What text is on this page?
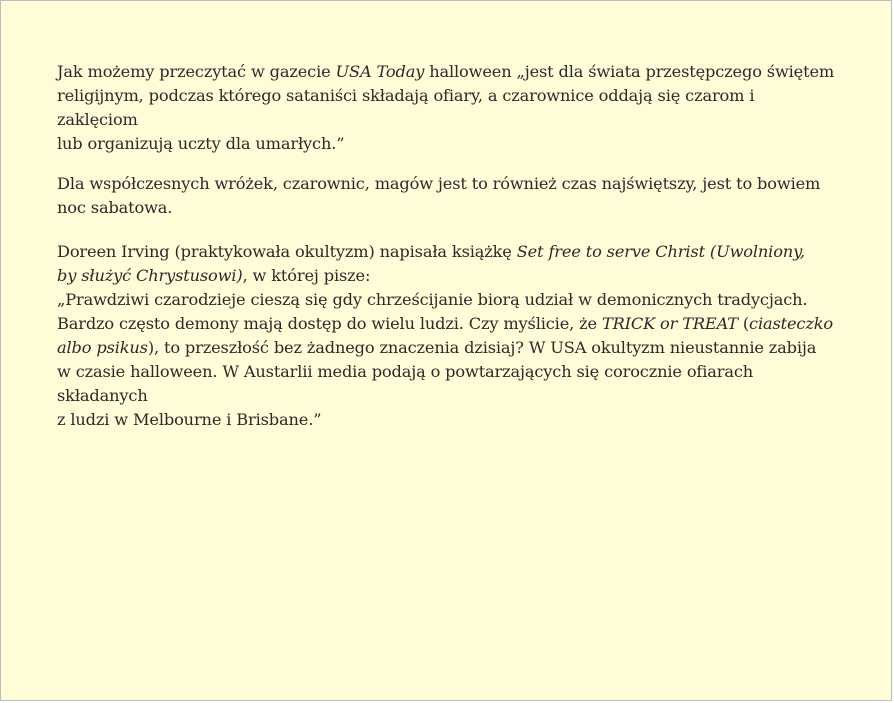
Jak możemy przeczytać w gazecie USA Today halloween „jest dla świata przestępczego świętem
religijnym, podczas którego sataniści składają ofiary, a czarownice oddają się czarom i zaklęciom
lub organizują uczty dla umarłych.”

Dla współczesnych wróżek, czarownic, magów jest to również czas najświętszy, jest to bowiem
noc sabatowa.

Doreen Irving (praktykowała okultyzm) napisała książkę Set free to serve Christ (Uwolniony,
by służyć Chrystusowi), w której pisze:
„Prawdziwi czarodzieje cieszą się gdy chrześcijanie biorą udział w demonicznych tradycjach.
Bardzo często demony mają dostęp do wielu ludzi. Czy myślicie, że TRICK or TREAT (ciasteczko
albo psikus), to przeszłość bez żadnego znaczenia dzisiaj? W USA okultyzm nieustannie zabija
w czasie halloween. W Austarlii media podają o powtarzających się corocznie ofiarach składanych
z ludzi w Melbourne i Brisbane.”
